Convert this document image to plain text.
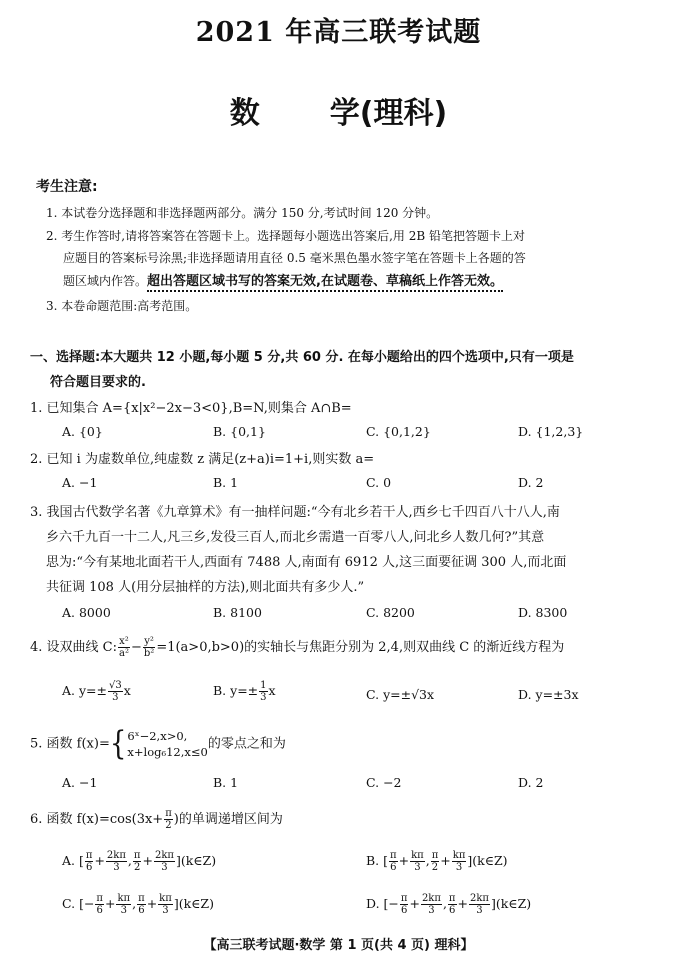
2021 年高三联考试题
数 学(理科)
考生注意:
1. 本试卷分选择题和非选择题两部分。满分 150 分,考试时间 120 分钟。
2. 考生作答时,请将答案答在答题卡上。选择题每小题选出答案后,用 2B 铅笔把答题卡上对
应题目的答案标号涂黑;非选择题请用直径 0.5 毫米黑色墨水签字笔在答题卡上各题的答
题区域内作答。超出答题区域书写的答案无效,在试题卷、草稿纸上作答无效。
3. 本卷命题范围:高考范围。
一、选择题:本大题共 12 小题,每小题 5 分,共 60 分. 在每小题给出的四个选项中,只有一项是
符合题目要求的.
1. 已知集合 A={x|x²−2x−3<0},B=N,则集合 A∩B=
A. {0}	B. {0,1}	C. {0,1,2}	D. {1,2,3}
2. 已知 i 为虚数单位,纯虚数 z 满足(z+a)i=1+i,则实数 a=
A. −1	B. 1	C. 0	D. 2
3. 我国古代数学名著《九章算术》有一抽样问题:“今有北乡若干人,西乡七千四百八十八人,南
乡六千九百一十二人,凡三乡,发役三百人,而北乡需遣一百零八人,问北乡人数几何?”其意
思为:“今有某地北面若干人,西面有 7488 人,南面有 6912 人,这三面要征调 300 人,而北面
共征调 108 人(用分层抽样的方法),则北面共有多少人.”
A. 8000	B. 8100	C. 8200	D. 8300
4. 设双曲线 C: $\frac{\text{x²}}{\text{a²}} - \frac{\text{y²}}{\text{b²}} =1(a>0,b>0)$的实轴长与焦距分别为 2,4,则双曲线 C 的渐近线方程为
A. $y=\pm \frac{√3}{3}$ x	B. $y=\pm \frac{1}{3}$ x	C. y=±√3x	D. y=±3x
5. 函数 f(x)={ 6ˣ−2,x>0,
x+log₆12,x≤0
的零点之和为
A. −1	B. 1	C. −2	D. 2
6. 函数 $f(x)=\cos(3x+ \frac{\pi}{2}$ )的单调递增区间为
A. [ $\frac{\pi}{6} + \frac{2k\pi}{3}$ , $\frac{\pi}{2} + \frac{2k\pi}{3}$ ](k∈Z)	B. [ $\frac{\pi}{6} + \frac{k\pi}{3}$ , $\frac{\pi}{2} + \frac{k\pi}{3}$ ](k∈Z)
C. [− $\frac{\pi}{6} + \frac{k\pi}{3}$ , $\frac{\pi}{6} + \frac{k\pi}{3}$ ](k∈Z)	D. [− $\frac{\pi}{6} + \frac{2k\pi}{3}$ , $\frac{\pi}{6} + \frac{2k\pi}{3}$ ](k∈Z)
【高三联考试题·数学 第 1 页(共 4 页) 理科】
